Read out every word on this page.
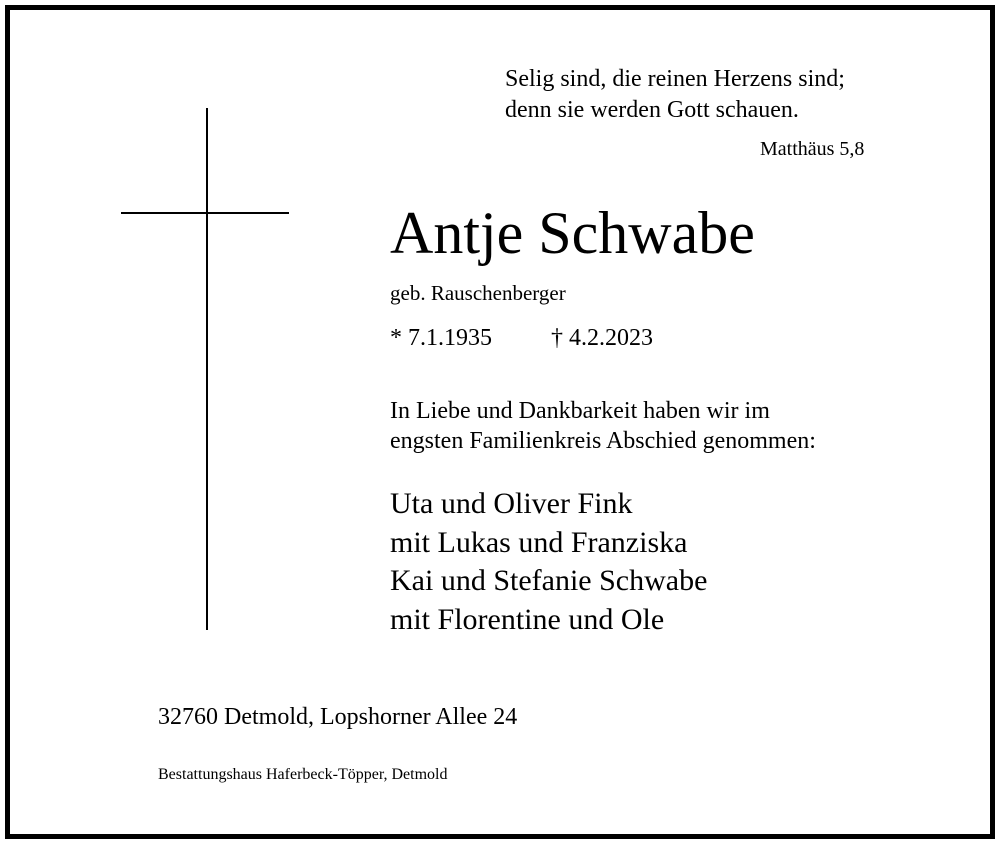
Selig sind, die reinen Herzens sind;
denn sie werden Gott schauen.
Matthäus 5,8
Antje Schwabe
geb. Rauschenberger
* 7.1.1935 † 4.2.2023
In Liebe und Dankbarkeit haben wir im
engsten Familienkreis Abschied genommen:
Uta und Oliver Fink
mit Lukas und Franziska
Kai und Stefanie Schwabe
mit Florentine und Ole
32760 Detmold, Lopshorner Allee 24
Bestattungshaus Haferbeck-Töpper, Detmold
